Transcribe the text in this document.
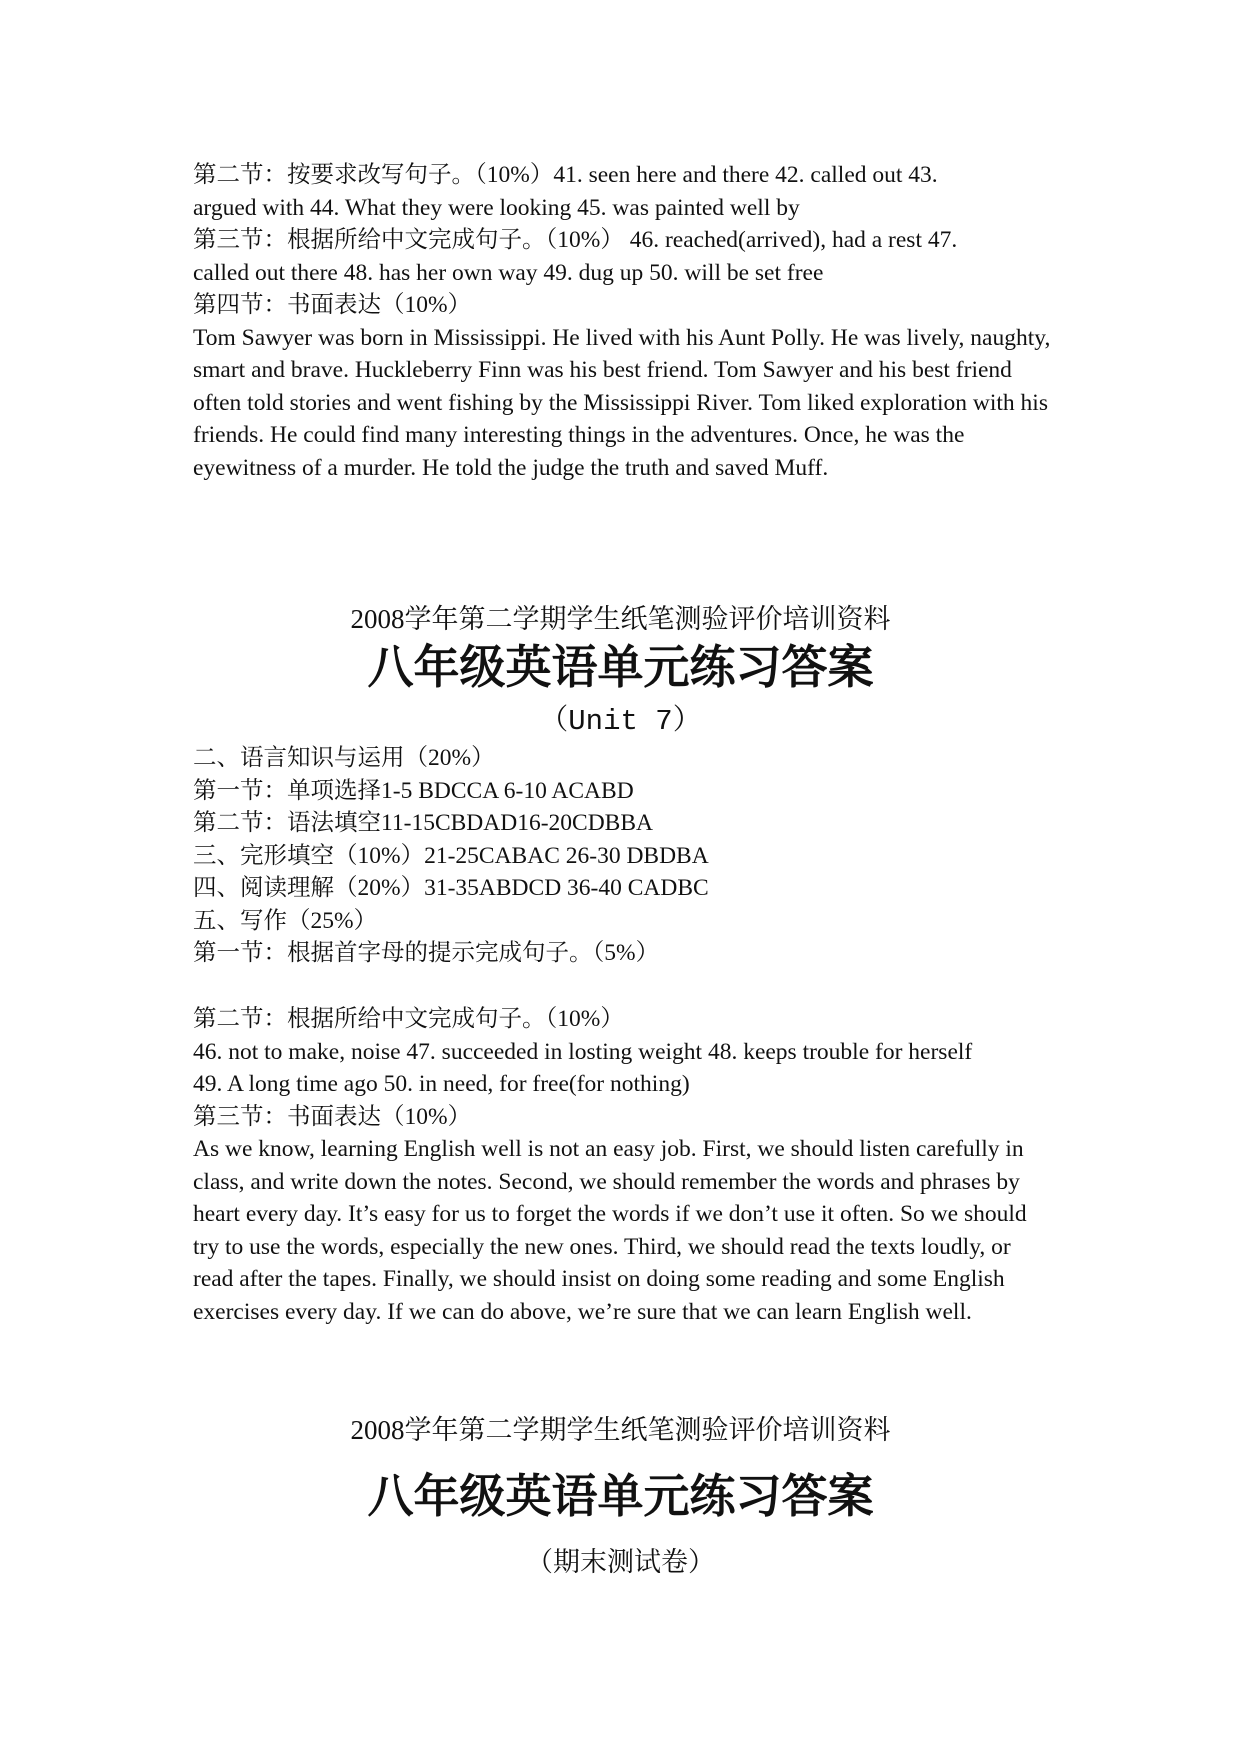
第二节：按要求改写句子。（10%）41. seen here and there 42. called out 43.
argued with 44. What they were looking 45. was painted well by
第三节：根据所给中文完成句子。（10%） 46. reached(arrived), had a rest 47.
called out there 48. has her own way 49. dug up 50. will be set free
第四节：书面表达（10%）
Tom Sawyer was born in Mississippi. He lived with his Aunt Polly. He was lively, naughty, smart and brave. Huckleberry Finn was his best friend. Tom Sawyer and his best friend often told stories and went fishing by the Mississippi River. Tom liked exploration with his friends. He could find many interesting things in the adventures. Once, he was the eyewitness of a murder. He told the judge the truth and saved Muff.
2008学年第二学期学生纸笔测验评价培训资料
八年级英语单元练习答案
（Unit 7）
二、语言知识与运用（20%）
第一节：单项选择1-5 BDCCA 6-10 ACABD
第二节：语法填空11-15CBDAD16-20CDBBA
三、完形填空（10%）21-25CABAC 26-30 DBDBA
四、阅读理解（20%）31-35ABDCD 36-40 CADBC
五、写作（25%）
第一节：根据首字母的提示完成句子。（5%）
第二节：根据所给中文完成句子。（10%）
46. not to make, noise 47. succeeded in losting weight 48. keeps trouble for herself
49. A long time ago 50. in need, for free(for nothing)
第三节：书面表达（10%）
As we know, learning English well is not an easy job. First, we should listen carefully in class, and write down the notes. Second, we should remember the words and phrases by heart every day. It’s easy for us to forget the words if we don’t use it often. So we should try to use the words, especially the new ones. Third, we should read the texts loudly, or read after the tapes. Finally, we should insist on doing some reading and some English exercises every day. If we can do above, we’re sure that we can learn English well.
2008学年第二学期学生纸笔测验评价培训资料
八年级英语单元练习答案
（期末测试卷）
